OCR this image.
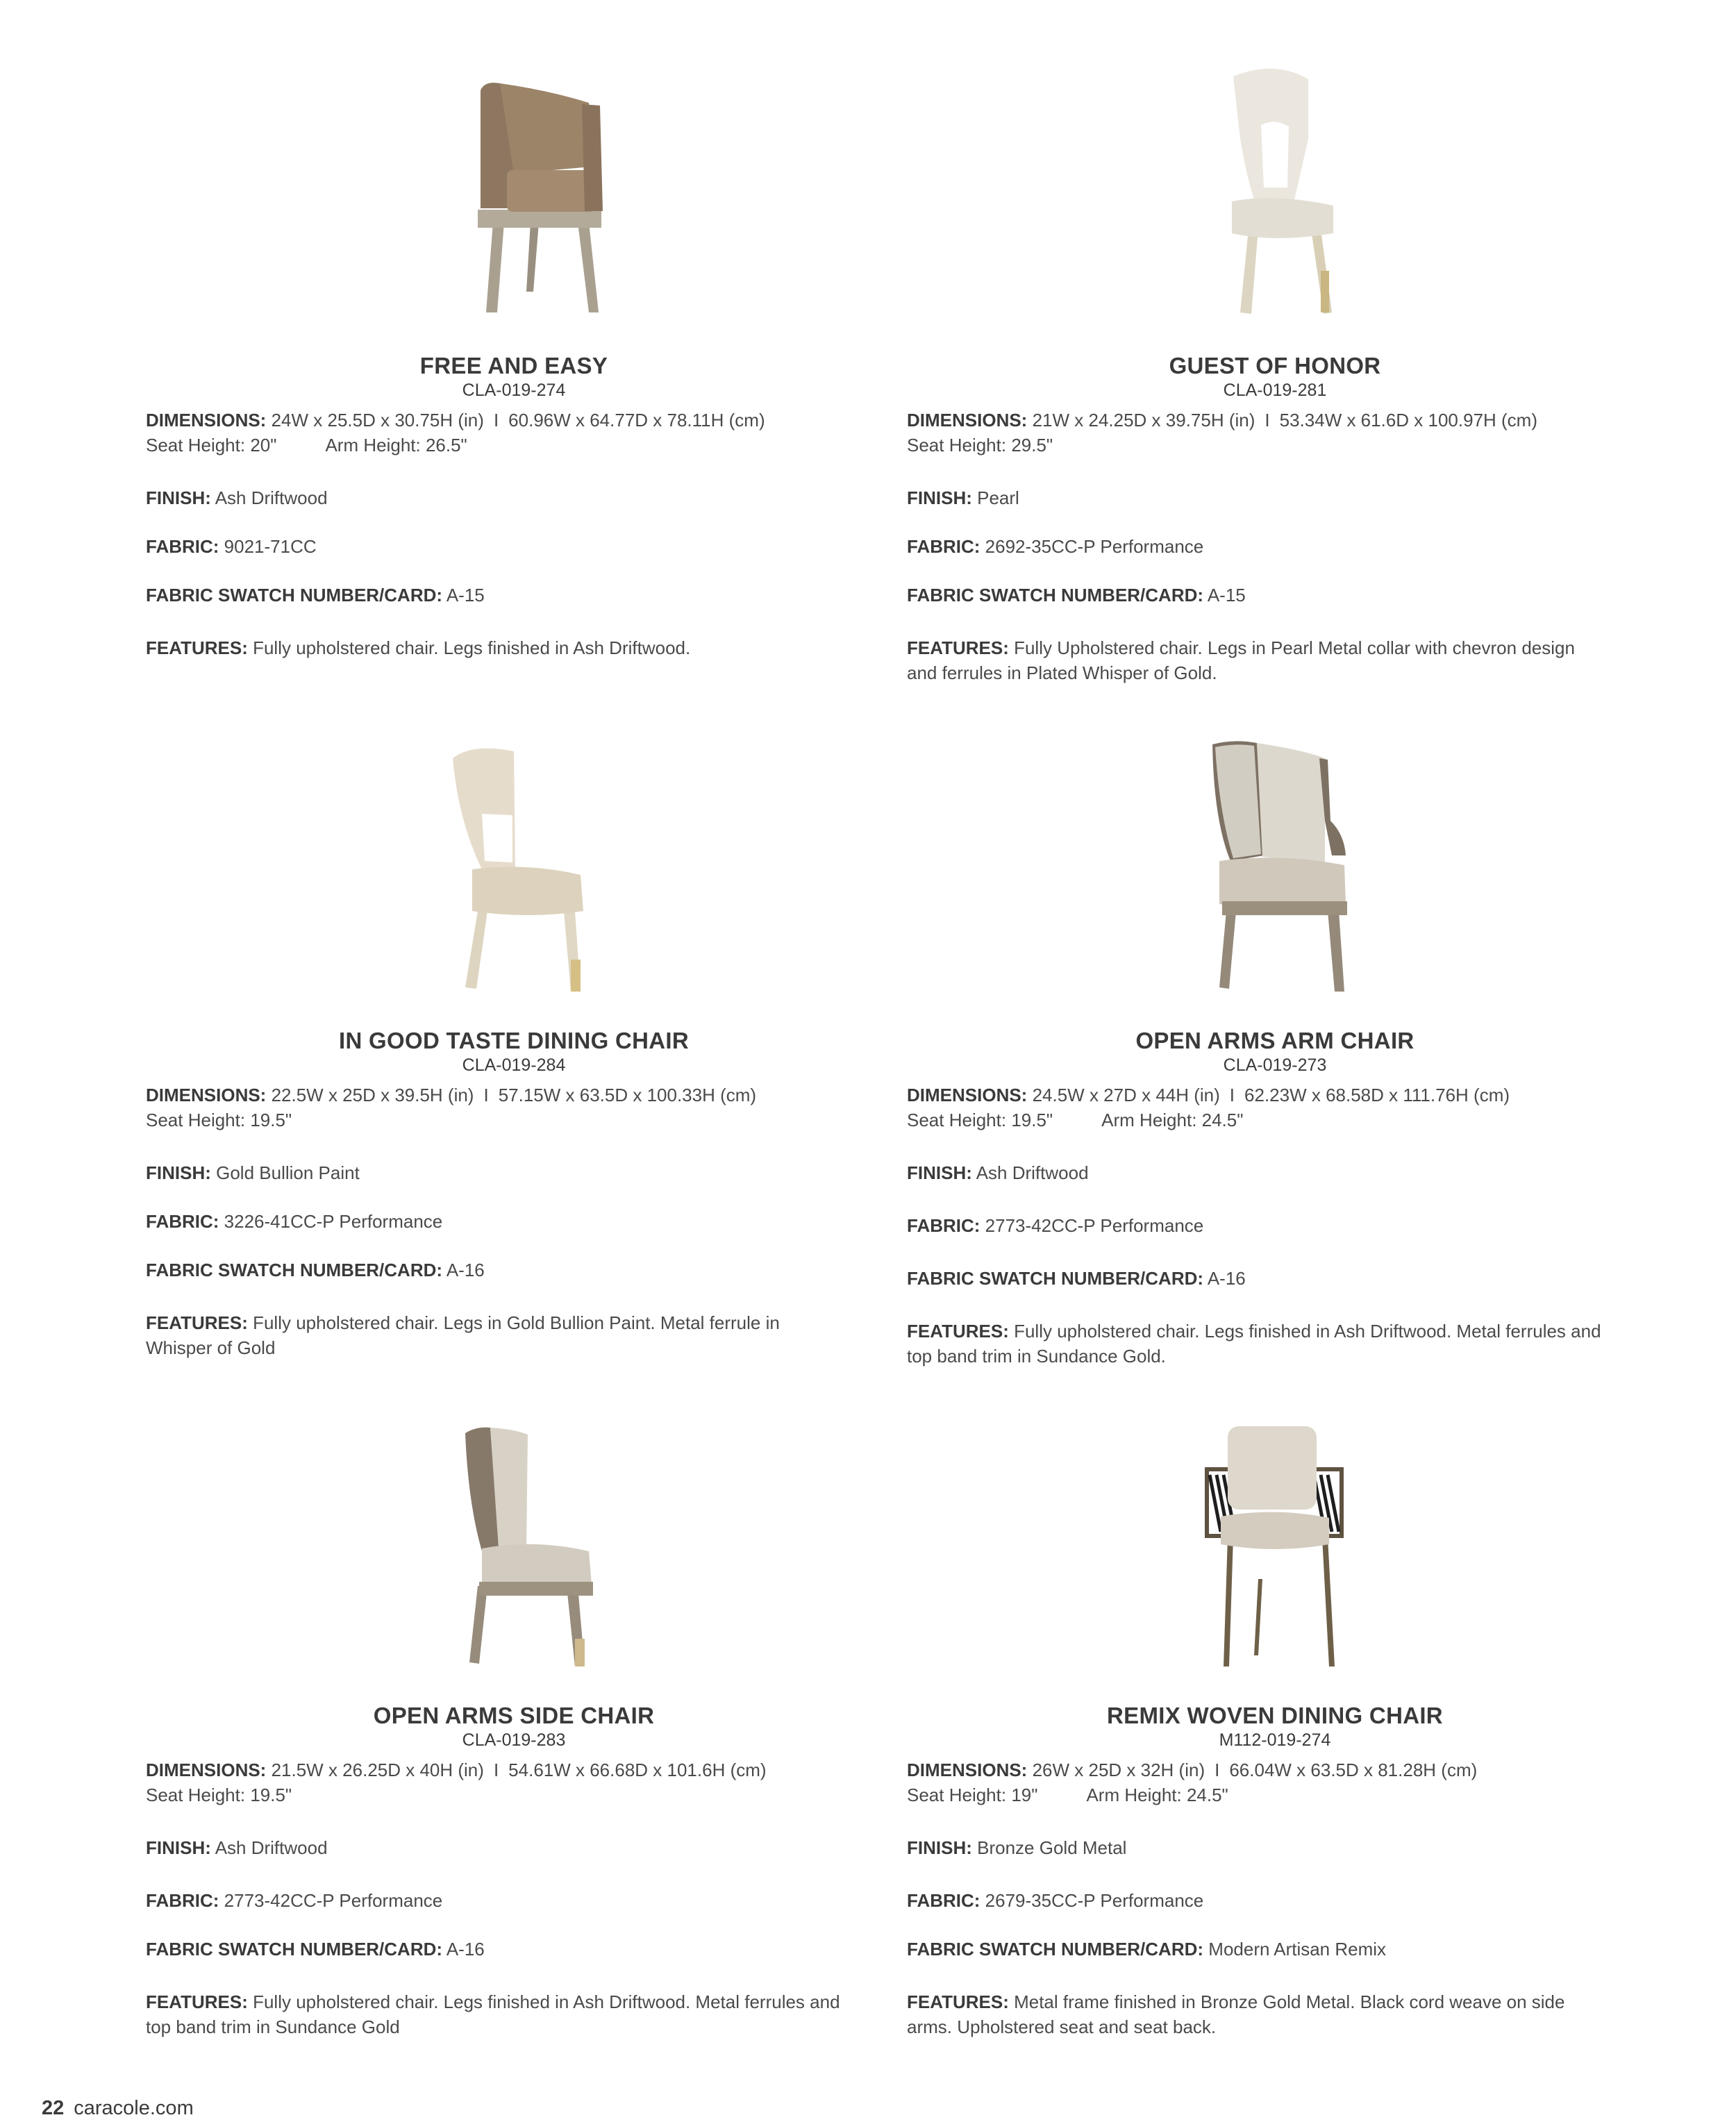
FREE AND EASY
CLA-019-274
DIMENSIONS: 24W x 25.5D x 30.75H (in) I 60.96W x 64.77D x 78.11H (cm)
Seat Height: 20"	Arm Height: 26.5"
FINISH: Ash Driftwood
FABRIC: 9021-71CC
FABRIC SWATCH NUMBER/CARD: A-15
FEATURES: Fully upholstered chair. Legs finished in Ash Driftwood.
GUEST OF HONOR
CLA-019-281
DIMENSIONS: 21W x 24.25D x 39.75H (in) I 53.34W x 61.6D x 100.97H (cm)
Seat Height: 29.5"
FINISH: Pearl
FABRIC: 2692-35CC-P Performance
FABRIC SWATCH NUMBER/CARD: A-15
FEATURES: Fully Upholstered chair. Legs in Pearl Metal collar with chevron design and ferrules in Plated Whisper of Gold.
IN GOOD TASTE DINING CHAIR
CLA-019-284
DIMENSIONS: 22.5W x 25D x 39.5H (in) I 57.15W x 63.5D x 100.33H (cm)
Seat Height: 19.5"
FINISH: Gold Bullion Paint
FABRIC: 3226-41CC-P Performance
FABRIC SWATCH NUMBER/CARD: A-16
FEATURES: Fully upholstered chair. Legs in Gold Bullion Paint. Metal ferrule in Whisper of Gold
OPEN ARMS ARM CHAIR
CLA-019-273
DIMENSIONS: 24.5W x 27D x 44H (in) I 62.23W x 68.58D x 111.76H (cm)
Seat Height: 19.5"	Arm Height: 24.5"
FINISH: Ash Driftwood
FABRIC: 2773-42CC-P Performance
FABRIC SWATCH NUMBER/CARD: A-16
FEATURES: Fully upholstered chair. Legs finished in Ash Driftwood. Metal ferrules and top band trim in Sundance Gold.
OPEN ARMS SIDE CHAIR
CLA-019-283
DIMENSIONS: 21.5W x 26.25D x 40H (in) I 54.61W x 66.68D x 101.6H (cm)
Seat Height: 19.5"
FINISH: Ash Driftwood
FABRIC: 2773-42CC-P Performance
FABRIC SWATCH NUMBER/CARD: A-16
FEATURES: Fully upholstered chair. Legs finished in Ash Driftwood. Metal ferrules and top band trim in Sundance Gold
REMIX WOVEN DINING CHAIR
M112-019-274
DIMENSIONS: 26W x 25D x 32H (in) I 66.04W x 63.5D x 81.28H (cm)
Seat Height: 19"	Arm Height: 24.5"
FINISH: Bronze Gold Metal
FABRIC: 2679-35CC-P Performance
FABRIC SWATCH NUMBER/CARD: Modern Artisan Remix
FEATURES: Metal frame finished in Bronze Gold Metal. Black cord weave on side arms. Upholstered seat and seat back.
22 caracole.com
